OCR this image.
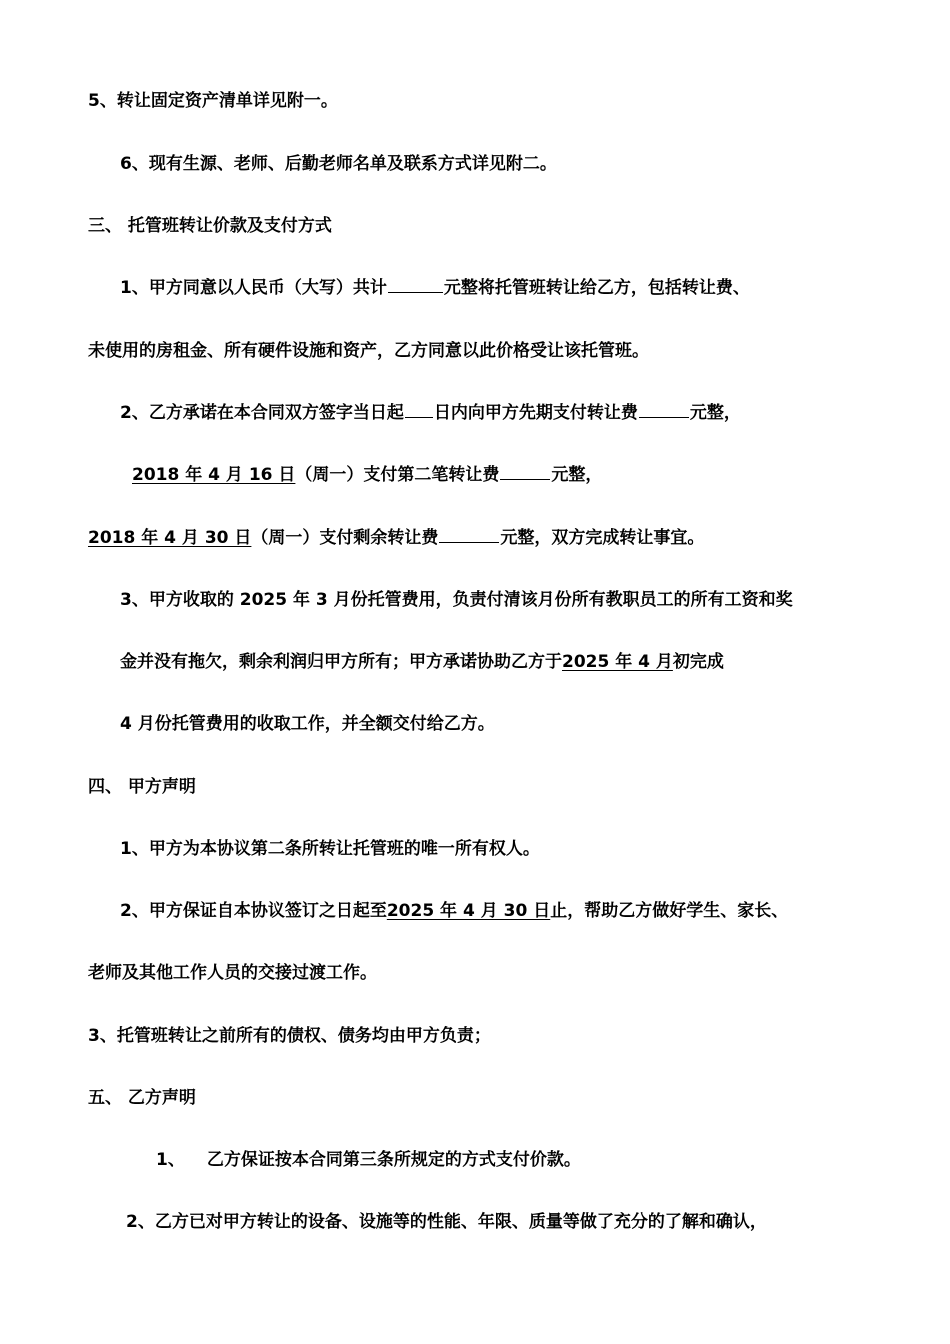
5、转让固定资产清单详见附一。
6、现有生源、老师、后勤老师名单及联系方式详见附二。
三、 托管班转让价款及支付方式
1、甲方同意以人民币（大写）共计	元整将托管班转让给乙方，包括转让费、
未使用的房租金、所有硬件设施和资产，乙方同意以此价格受让该托管班。
2、乙方承诺在本合同双方签字当日起 日内向甲方先期支付转让费	元整，
2018 年 4 月 16 日（周一）支付第二笔转让费	元整，
2018 年 4 月 30 日（周一）支付剩余转让费	元整，双方完成转让事宜。
3、甲方收取的 2025 年 3 月份托管费用，负责付清该月份所有教职员工的所有工资和奖
金并没有拖欠，剩余利润归甲方所有；甲方承诺协助乙方于2025 年 4 月初完成
4 月份托管费用的收取工作，并全额交付给乙方。
四、 甲方声明
1、甲方为本协议第二条所转让托管班的唯一所有权人。
2、甲方保证自本协议签订之日起至2025 年 4 月 30 日止，帮助乙方做好学生、家长、
老师及其他工作人员的交接过渡工作。
3、托管班转让之前所有的债权、债务均由甲方负责；
五、 乙方声明
1、 乙方保证按本合同第三条所规定的方式支付价款。
2、乙方已对甲方转让的设备、设施等的性能、年限、质量等做了充分的了解和确认，
